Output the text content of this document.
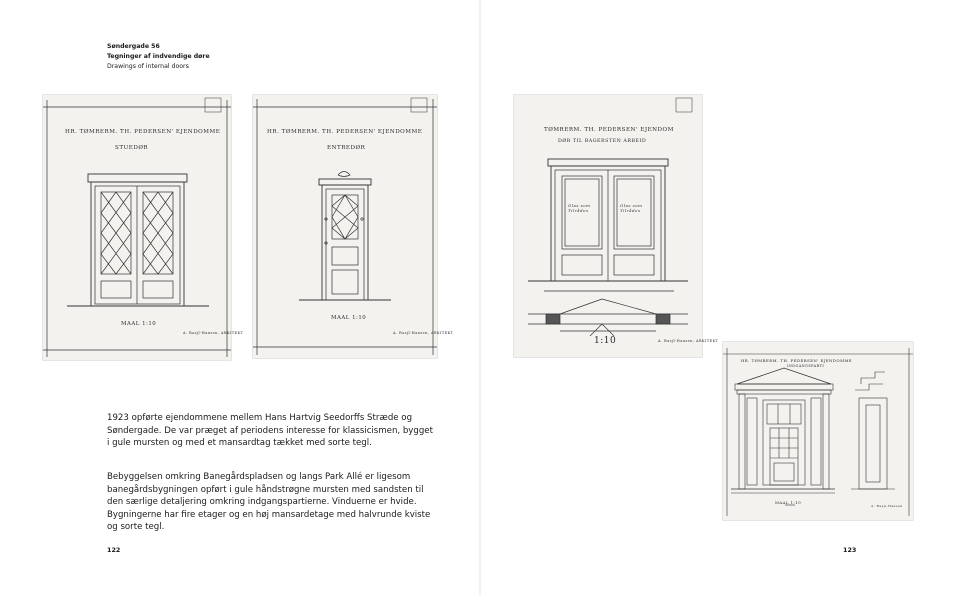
Søndergade 56
Tegninger af indvendige døre
Drawings of internal doors
HR. TØMRERM. TH. PEDERSEN' EJENDOMME
STUEDØR
MAAL 1:10
A. Rasjl-Hansen, ARKITEKT
HR. TØMRERM. TH. PEDERSEN' EJENDOMME
ENTREDØR
MAAL 1:10
A. Rasjl-Hansen, ARKITEKT
TØMRERM. TH. PEDERSEN' EJENDOM
DØR TIL BAGERSTEN ARBEID
Glas som Tilrådes
Glas som Tilrådes
1:10	A. Rasjl-Hansen, ARKITEKT
HR. TØMRERM. TH. PEDERSEN' EJENDOMME
INDGANGSPARTI
MAAL 1:10
A. Rasjl-Hansen

1923 opførte ejendommene mellem Hans Hartvig Seedorffs Stræde og Søndergade. De var præget af periodens interesse for klassicismen, bygget i gule mursten og med et mansardtag tækket med sorte tegl.

Bebyggelsen omkring Banegårdspladsen og langs Park Allé er ligesom banegårdsbygningen opført i gule håndstrøgne mursten med sandsten til den særlige detaljering omkring indgangspartierne. Vinduerne er hvide. Bygningerne har fire etager og en høj mansardetage med halvrunde kviste og sorte tegl.

122	123
